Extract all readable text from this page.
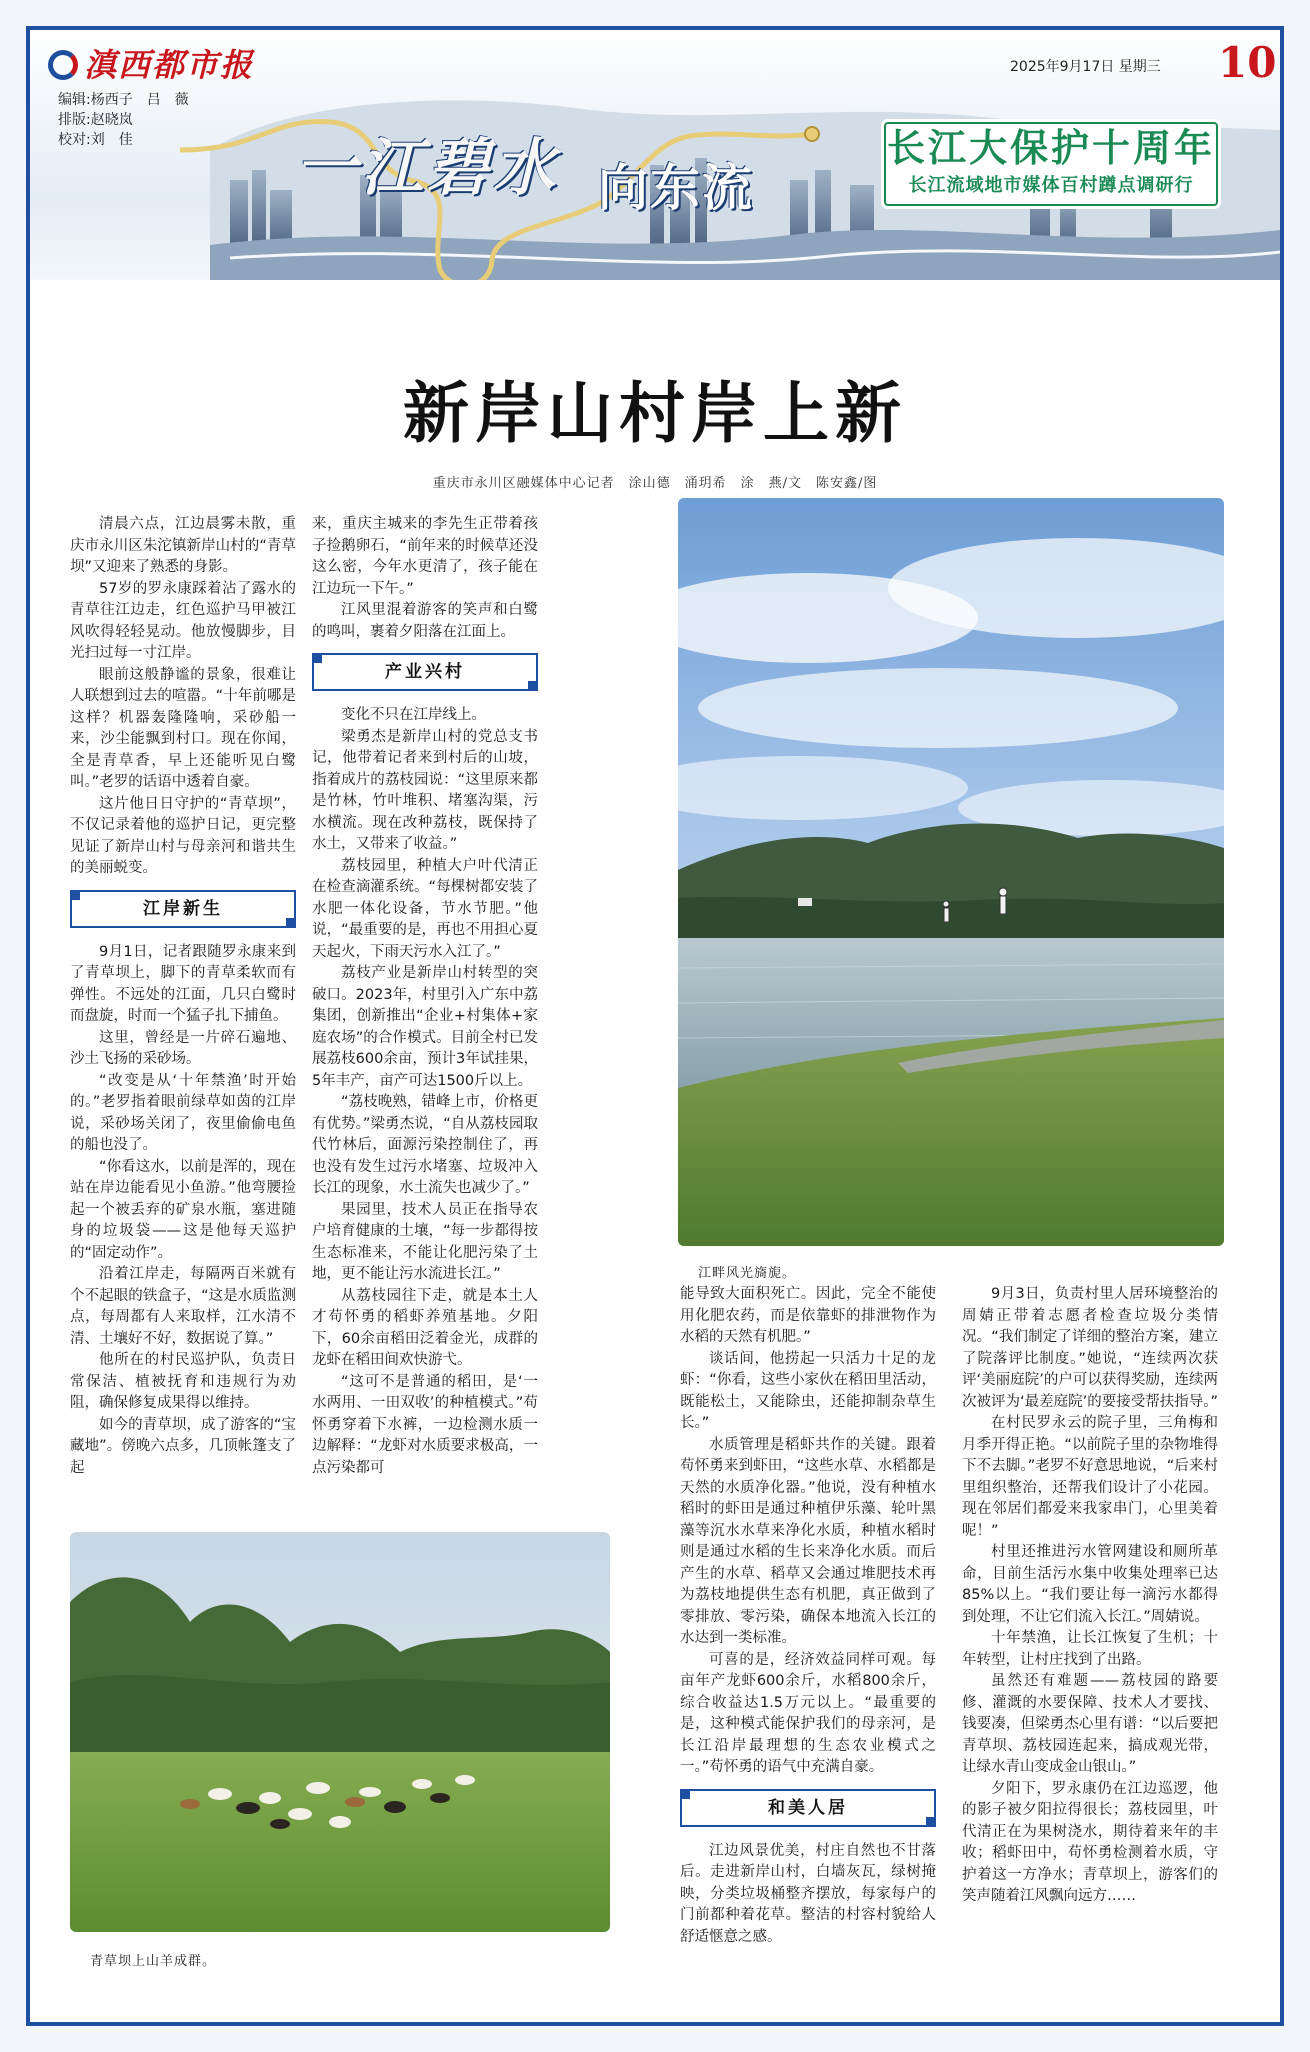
滇西都市报
编辑:杨西子　吕　薇
排版:赵晓岚
校对:刘　佳
2025年9月17日 星期三 10
一江碧水 向东流
长江大保护十周年
长江流域地市媒体百村蹲点调研行
新岸山村岸上新
重庆市永川区融媒体中心记者　涂山德　涌玥希　涂　燕/文　陈安鑫/图

清晨六点，江边晨雾未散，重庆市永川区朱沱镇新岸山村的“青草坝”又迎来了熟悉的身影。

57岁的罗永康踩着沾了露水的青草往江边走，红色巡护马甲被江风吹得轻轻晃动。他放慢脚步，目光扫过每一寸江岸。

眼前这般静谧的景象，很难让人联想到过去的喧嚣。“十年前哪是这样？机器轰隆隆响，采砂船一来，沙尘能飘到村口。现在你闻，全是青草香，早上还能听见白鹭叫。”老罗的话语中透着自豪。

这片他日日守护的“青草坝”，不仅记录着他的巡护日记，更完整见证了新岸山村与母亲河和谐共生的美丽蜕变。

江岸新生

9月1日，记者跟随罗永康来到了青草坝上，脚下的青草柔软而有弹性。不远处的江面，几只白鹭时而盘旋，时而一个猛子扎下捕鱼。

这里，曾经是一片碎石遍地、沙土飞扬的采砂场。

“改变是从‘十年禁渔’时开始的。”老罗指着眼前绿草如茵的江岸说，采砂场关闭了，夜里偷偷电鱼的船也没了。

“你看这水，以前是浑的，现在站在岸边能看见小鱼游。”他弯腰捡起一个被丢弃的矿泉水瓶，塞进随身的垃圾袋——这是他每天巡护的“固定动作”。

沿着江岸走，每隔两百米就有个不起眼的铁盒子，“这是水质监测点，每周都有人来取样，江水清不清、土壤好不好，数据说了算。”

他所在的村民巡护队，负责日常保洁、植被抚育和违规行为劝阻，确保修复成果得以维持。

如今的青草坝，成了游客的“宝藏地”。傍晚六点多，几顶帐篷支了起

来，重庆主城来的李先生正带着孩子捡鹅卵石，“前年来的时候草还没这么密，今年水更清了，孩子能在江边玩一下午。”

江风里混着游客的笑声和白鹭的鸣叫，裹着夕阳落在江面上。

产业兴村

变化不只在江岸线上。

梁勇杰是新岸山村的党总支书记，他带着记者来到村后的山坡，指着成片的荔枝园说：“这里原来都是竹林，竹叶堆积、堵塞沟渠，污水横流。现在改种荔枝，既保持了水土，又带来了收益。”

荔枝园里，种植大户叶代清正在检查滴灌系统。“每棵树都安装了水肥一体化设备，节水节肥。”他说，“最重要的是，再也不用担心夏天起火，下雨天污水入江了。”

荔枝产业是新岸山村转型的突破口。2023年，村里引入广东中荔集团，创新推出“企业+村集体+家庭农场”的合作模式。目前全村已发展荔枝600余亩，预计3年试挂果，5年丰产，亩产可达1500斤以上。

“荔枝晚熟，错峰上市，价格更有优势。”梁勇杰说，“自从荔枝园取代竹林后，面源污染控制住了，再也没有发生过污水堵塞、垃圾冲入长江的现象，水土流失也减少了。”

果园里，技术人员正在指导农户培育健康的土壤，“每一步都得按生态标准来，不能让化肥污染了土地，更不能让污水流进长江。”

从荔枝园往下走，就是本土人才苟怀勇的稻虾养殖基地。夕阳下，60余亩稻田泛着金光，成群的龙虾在稻田间欢快游弋。

“这可不是普通的稻田，是‘一水两用、一田双收’的种植模式。”苟怀勇穿着下水裤，一边检测水质一边解释：“龙虾对水质要求极高，一点污染都可

江畔风光旖旎。
青草坝上山羊成群。

能导致大面积死亡。因此，完全不能使用化肥农药，而是依靠虾的排泄物作为水稻的天然有机肥。”

谈话间，他捞起一只活力十足的龙虾：“你看，这些小家伙在稻田里活动，既能松土，又能除虫，还能抑制杂草生长。”

水质管理是稻虾共作的关键。跟着苟怀勇来到虾田，“这些水草、水稻都是天然的水质净化器。”他说，没有种植水稻时的虾田是通过种植伊乐藻、轮叶黑藻等沉水水草来净化水质，种植水稻时则是通过水稻的生长来净化水质。而后产生的水草、稻草又会通过堆肥技术再为荔枝地提供生态有机肥，真正做到了零排放、零污染，确保本地流入长江的水达到一类标准。

可喜的是，经济效益同样可观。每亩年产龙虾600余斤，水稻800余斤，综合收益达1.5万元以上。“最重要的是，这种模式能保护我们的母亲河，是长江沿岸最理想的生态农业模式之一。”苟怀勇的语气中充满自豪。

和美人居

江边风景优美，村庄自然也不甘落后。走进新岸山村，白墙灰瓦，绿树掩映，分类垃圾桶整齐摆放，每家每户的门前都种着花草。整洁的村容村貌给人舒适惬意之感。

9月3日，负责村里人居环境整治的周婧正带着志愿者检查垃圾分类情况。“我们制定了详细的整治方案，建立了院落评比制度。”她说，“连续两次获评‘美丽庭院’的户可以获得奖励，连续两次被评为‘最差庭院’的要接受帮扶指导。”

在村民罗永云的院子里，三角梅和月季开得正艳。“以前院子里的杂物堆得下不去脚。”老罗不好意思地说，“后来村里组织整治，还帮我们设计了小花园。现在邻居们都爱来我家串门，心里美着呢！”

村里还推进污水管网建设和厕所革命，目前生活污水集中收集处理率已达85%以上。“我们要让每一滴污水都得到处理，不让它们流入长江。”周婧说。

十年禁渔，让长江恢复了生机；十年转型，让村庄找到了出路。

虽然还有难题——荔枝园的路要修、灌溉的水要保障、技术人才要找、钱要凑，但梁勇杰心里有谱：“以后要把青草坝、荔枝园连起来，搞成观光带，让绿水青山变成金山银山。”

夕阳下，罗永康仍在江边巡逻，他的影子被夕阳拉得很长；荔枝园里，叶代清正在为果树浇水，期待着来年的丰收；稻虾田中，苟怀勇检测着水质，守护着这一方净水；青草坝上，游客们的笑声随着江风飘向远方……
